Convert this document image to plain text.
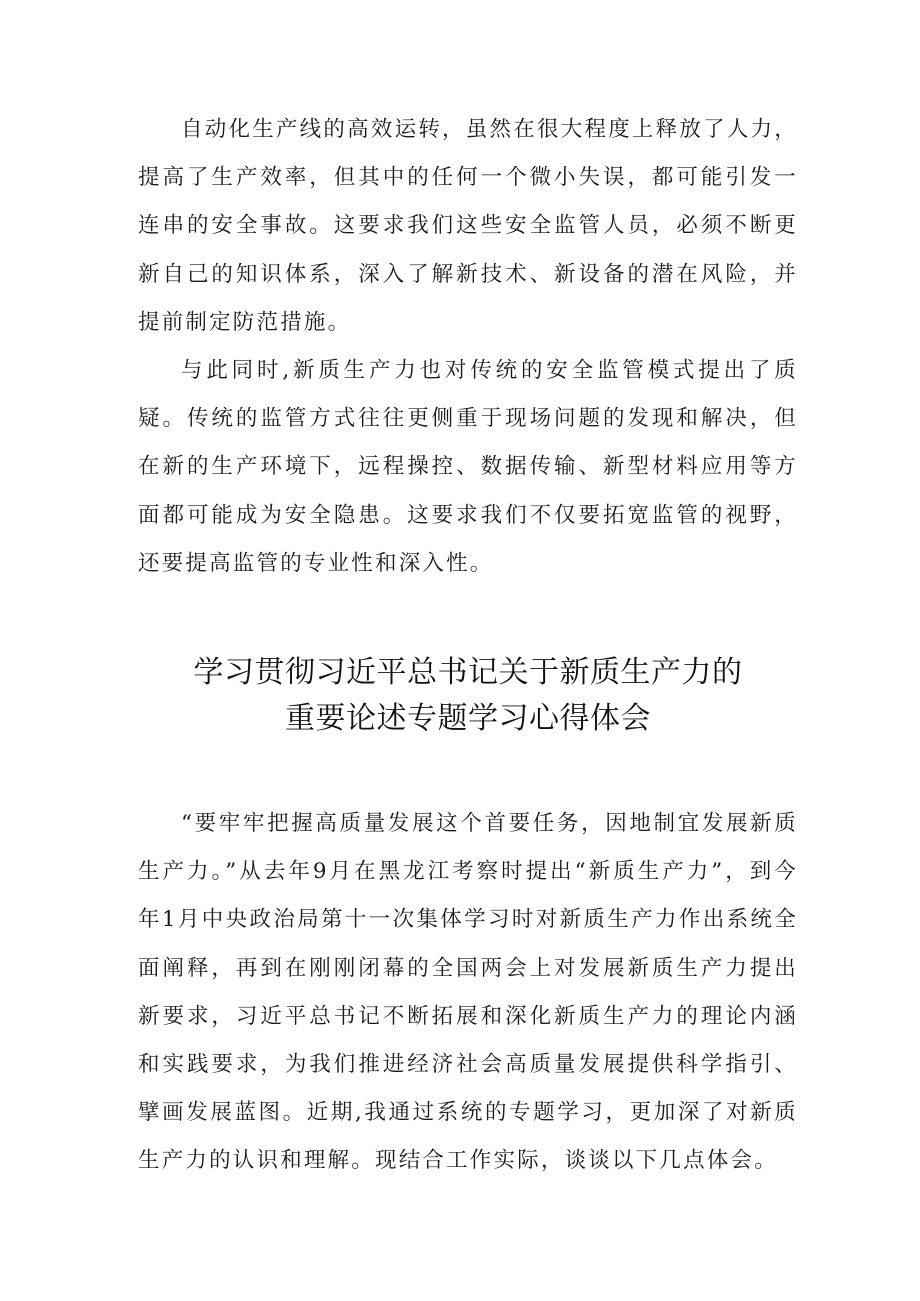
自动化生产线的高效运转，虽然在很大程度上释放了人力，提高了生产效率，但其中的任何一个微小失误，都可能引发一连串的安全事故。这要求我们这些安全监管人员，必须不断更新自己的知识体系，深入了解新技术、新设备的潜在风险，并提前制定防范措施。

与此同时,新质生产力也对传统的安全监管模式提出了质疑。传统的监管方式往往更侧重于现场问题的发现和解决，但在新的生产环境下，远程操控、数据传输、新型材料应用等方面都可能成为安全隐患。这要求我们不仅要拓宽监管的视野，还要提高监管的专业性和深入性。

学习贯彻习近平总书记关于新质生产力的
重要论述专题学习心得体会

“要牢牢把握高质量发展这个首要任务，因地制宜发展新质生产力。”从去年9月在黑龙江考察时提出“新质生产力”，到今年1月中央政治局第十一次集体学习时对新质生产力作出系统全面阐释，再到在刚刚闭幕的全国两会上对发展新质生产力提出新要求，习近平总书记不断拓展和深化新质生产力的理论内涵和实践要求，为我们推进经济社会高质量发展提供科学指引、擘画发展蓝图。近期,我通过系统的专题学习，更加深了对新质生产力的认识和理解。现结合工作实际，谈谈以下几点体会。
